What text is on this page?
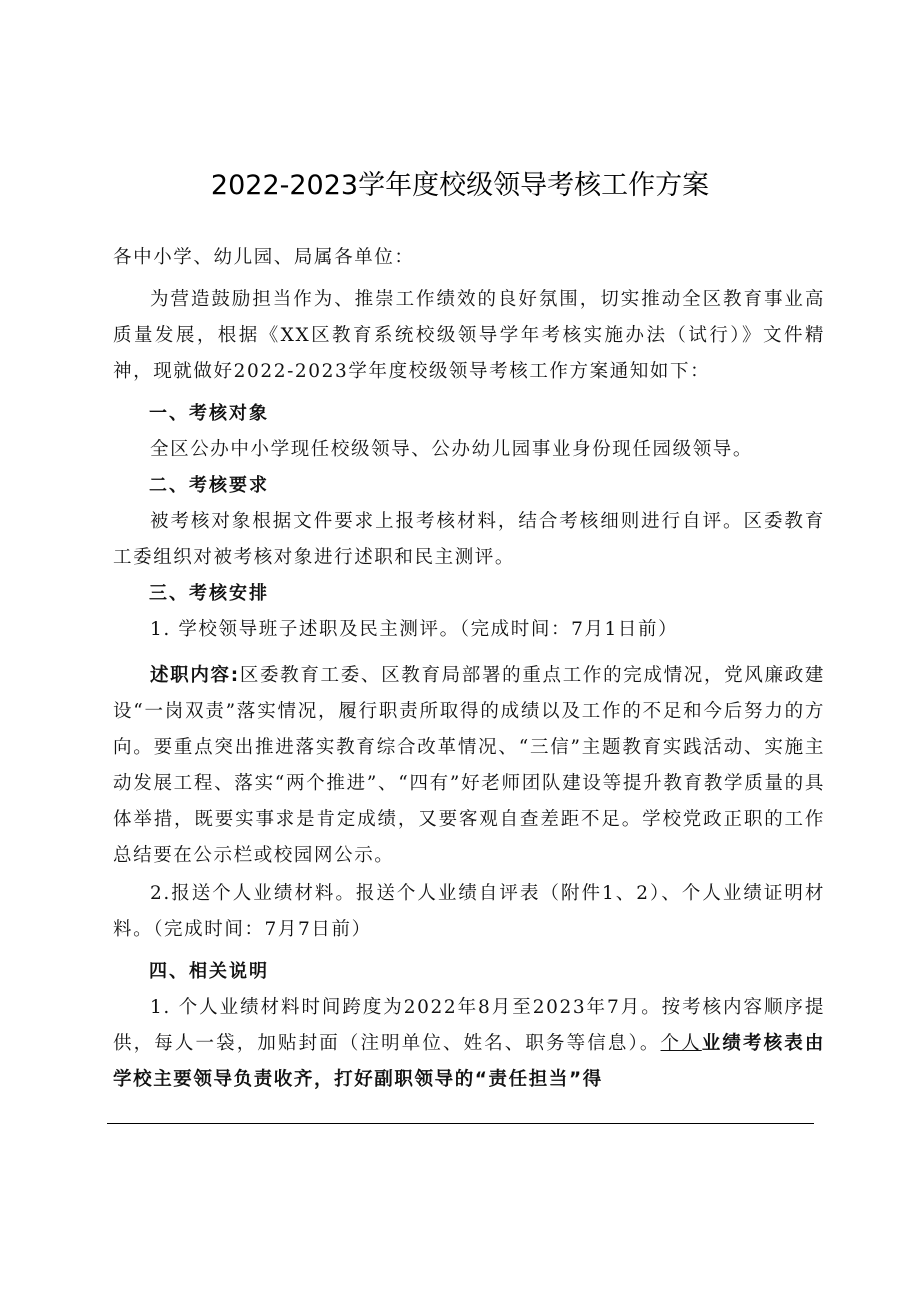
2022-2023学年度校级领导考核工作方案

各中小学、幼儿园、局属各单位：

为营造鼓励担当作为、推崇工作绩效的良好氛围，切实推动全区教育事业高质量发展，根据《XX区教育系统校级领导学年考核实施办法（试行）》文件精神，现就做好2022-2023学年度校级领导考核工作方案通知如下：

一、考核对象

全区公办中小学现任校级领导、公办幼儿园事业身份现任园级领导。

二、考核要求

被考核对象根据文件要求上报考核材料，结合考核细则进行自评。区委教育工委组织对被考核对象进行述职和民主测评。

三、考核安排

1. 学校领导班子述职及民主测评。（完成时间：7月1日前）

述职内容:区委教育工委、区教育局部署的重点工作的完成情况，党风廉政建设“一岗双责”落实情况，履行职责所取得的成绩以及工作的不足和今后努力的方向。要重点突出推进落实教育综合改革情况、“三信”主题教育实践活动、实施主动发展工程、落实“两个推进”、“四有”好老师团队建设等提升教育教学质量的具体举措，既要实事求是肯定成绩，又要客观自查差距不足。学校党政正职的工作总结要在公示栏或校园网公示。

2.报送个人业绩材料。报送个人业绩自评表（附件1、2）、个人业绩证明材料。（完成时间：7月7日前）

四、相关说明

1. 个人业绩材料时间跨度为2022年8月至2023年7月。按考核内容顺序提供，每人一袋，加贴封面（注明单位、姓名、职务等信息）。个人业绩考核表由学校主要领导负责收齐，打好副职领导的“责任担当”得
